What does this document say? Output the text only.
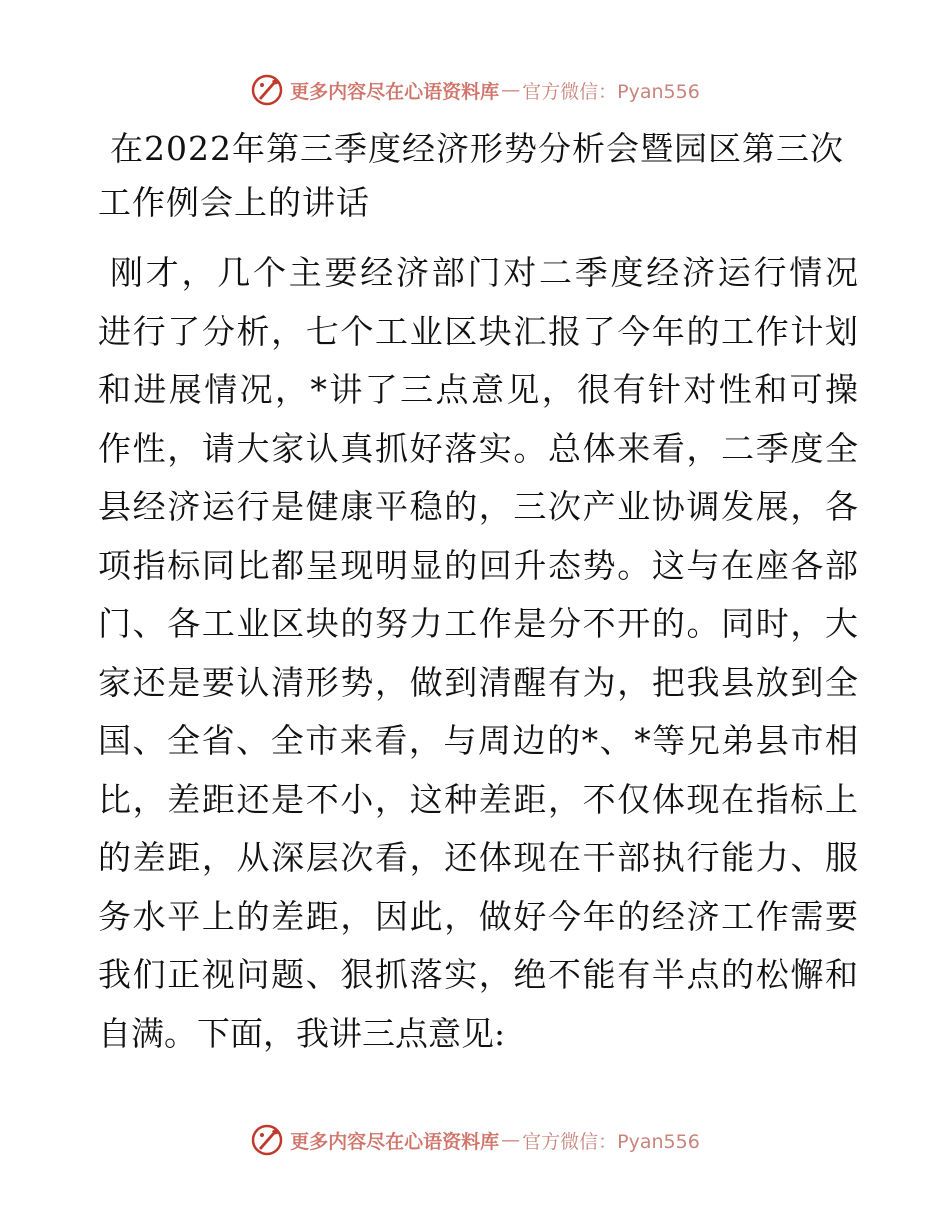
更多内容尽在心语资料库 — 官方微信：Pyan556
在2022年第三季度经济形势分析会暨园区第三次
工作例会上的讲话
刚才，几个主要经济部门对二季度经济运行情况
进行了分析，七个工业区块汇报了今年的工作计划
和进展情况，*讲了三点意见，很有针对性和可操
作性，请大家认真抓好落实。总体来看，二季度全
县经济运行是健康平稳的，三次产业协调发展，各
项指标同比都呈现明显的回升态势。这与在座各部
门、各工业区块的努力工作是分不开的。同时，大
家还是要认清形势，做到清醒有为，把我县放到全
国、全省、全市来看，与周边的*、*等兄弟县市相
比，差距还是不小，这种差距，不仅体现在指标上
的差距，从深层次看，还体现在干部执行能力、服
务水平上的差距，因此，做好今年的经济工作需要
我们正视问题、狠抓落实，绝不能有半点的松懈和
自满。下面，我讲三点意见:
更多内容尽在心语资料库 — 官方微信：Pyan556
